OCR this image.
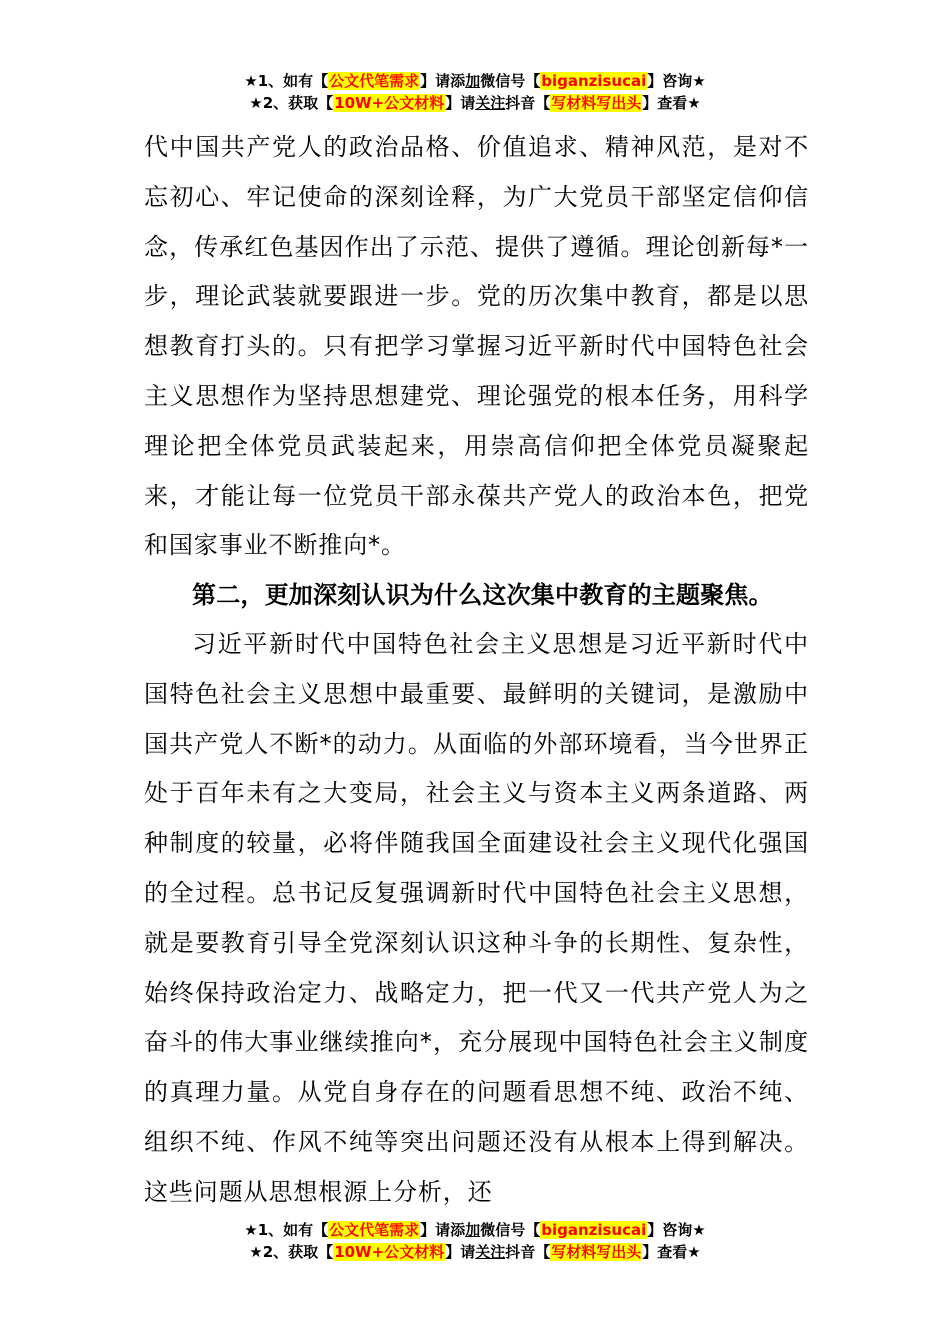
★1、如有【公文代笔需求】请添加微信号【biganzisucai】咨询★
★2、获取【10W+公文材料】请关注抖音【写材料写出头】查看★
代中国共产党人的政治品格、价值追求、精神风范，是对不忘初心、牢记使命的深刻诠释，为广大党员干部坚定信仰信念，传承红色基因作出了示范、提供了遵循。理论创新每*一步，理论武装就要跟进一步。党的历次集中教育，都是以思想教育打头的。只有把学习掌握习近平新时代中国特色社会主义思想作为坚持思想建党、理论强党的根本任务，用科学理论把全体党员武装起来，用崇高信仰把全体党员凝聚起来，才能让每一位党员干部永葆共产党人的政治本色，把党和国家事业不断推向*。
第二，更加深刻认识为什么这次集中教育的主题聚焦。
习近平新时代中国特色社会主义思想是习近平新时代中国特色社会主义思想中最重要、最鲜明的关键词，是激励中国共产党人不断*的动力。从面临的外部环境看，当今世界正处于百年未有之大变局，社会主义与资本主义两条道路、两种制度的较量，必将伴随我国全面建设社会主义现代化强国的全过程。总书记反复强调新时代中国特色社会主义思想，就是要教育引导全党深刻认识这种斗争的长期性、复杂性，始终保持政治定力、战略定力，把一代又一代共产党人为之奋斗的伟大事业继续推向*，充分展现中国特色社会主义制度的真理力量。从党自身存在的问题看思想不纯、政治不纯、组织不纯、作风不纯等突出问题还没有从根本上得到解决。这些问题从思想根源上分析，还
★1、如有【公文代笔需求】请添加微信号【biganzisucai】咨询★
★2、获取【10W+公文材料】请关注抖音【写材料写出头】查看★
